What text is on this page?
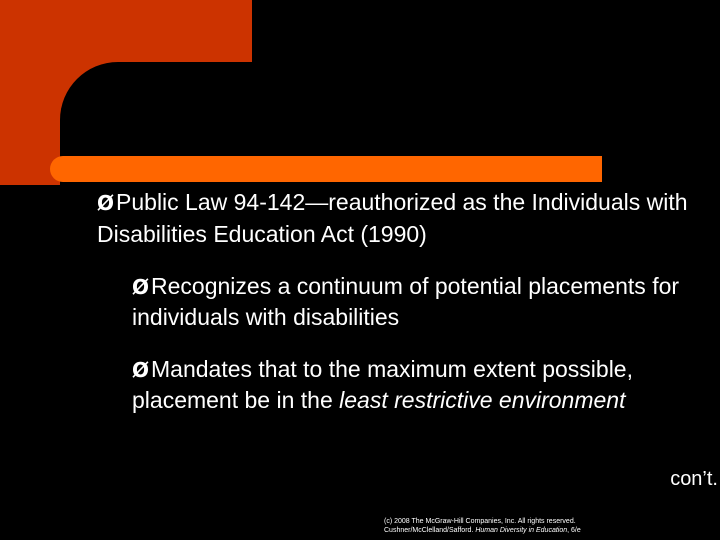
ØPublic Law 94-142—reauthorized as the Individuals with Disabilities Education Act (1990)

ØRecognizes a continuum of potential placements for individuals with disabilities

ØMandates that to the maximum extent possible, placement be in the least restrictive environment

con’t.
(c) 2008 The McGraw-Hill Companies, Inc. All rights reserved.
Cushner/McClelland/Safford. Human Diversity in Education, 6/e
